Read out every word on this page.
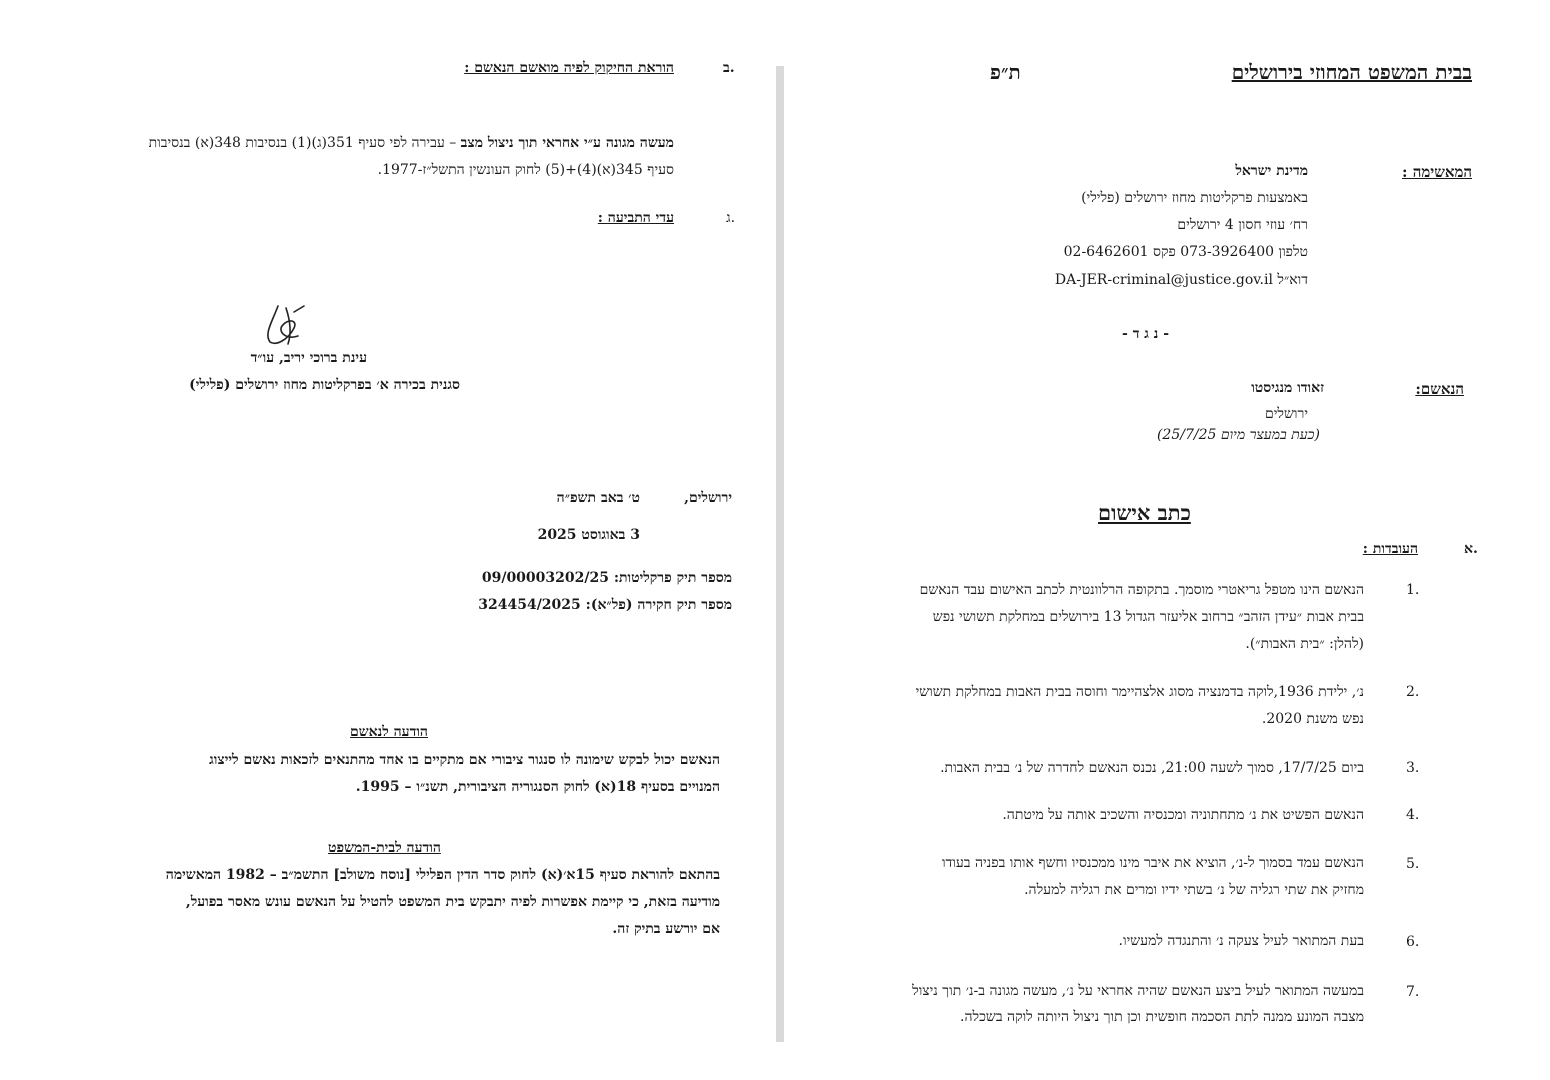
בבית המשפט המחוזי בירושלים
ת״פ
המאשימה :
מדינת ישראל
באמצעות פרקליטות מחוז ירושלים (פלילי)
רח׳ עוזי חסון 4 ירושלים
טלפון 073-3926400 פקס 02-6462601
דוא״ל DA-JER-criminal@justice.gov.il
- נ ג ד -
הנאשם:
זאודו מנגיסטו
ירושלים
(כעת במעצר מיום 25/7/25)
כתב אישום
א.
העובדות :
1.
הנאשם הינו מטפל גריאטרי מוסמך. בתקופה הרלוונטית לכתב האישום עבד הנאשם
בבית אבות ״עידן הזהב״ ברחוב אליעזר הגדול 13 בירושלים במחלקת תשושי נפש
(להלן: ״בית האבות״).
2.
נ׳, ילידת 1936,לוקה בדמנציה מסוג אלצהיימר וחוסה בבית האבות במחלקת תשושי
נפש משנת 2020.
3.
ביום 17/7/25, סמוך לשעה 21:00, נכנס הנאשם לחדרה של נ׳ בבית האבות.
4.
הנאשם הפשיט את נ׳ מתחתוניה ומכנסיה והשכיב אותה על מיטתה.
5.
הנאשם עמד בסמוך ל-נ׳, הוציא את איבר מינו ממכנסיו וחשף אותו בפניה בעודו
מחזיק את שתי רגליה של נ׳ בשתי ידיו ומרים את רגליה למעלה.
6.
בעת המתואר לעיל צעקה נ׳ והתנגדה למעשיו.
7.
במעשה המתואר לעיל ביצע הנאשם שהיה אחראי על נ׳, מעשה מגונה ב-נ׳ תוך ניצול
מצבה המונע ממנה לתת הסכמה חופשית וכן תוך ניצול היותה לוקה בשכלה.
ב.
הוראת החיקוק לפיה מואשם הנאשם :
מעשה מגונה ע״י אחראי תוך ניצול מצב – עבירה לפי סעיף 351(ג)(1) בנסיבות 348(א) בנסיבות
סעיף 345(א)(4)+(5) לחוק העונשין התשל״ז-1977.
ג.
עדי התביעה :
עינת ברוכי יריב, עו״ד
סגנית בכירה א׳ בפרקליטות מחוז ירושלים (פלילי)
ירושלים,
ט׳ באב תשפ״ה
3 באוגוסט 2025
מספר תיק פרקליטות: 09/00003202/25
מספר תיק חקירה (פל״א): 324454/2025
הודעה לנאשם
הנאשם יכול לבקש שימונה לו סנגור ציבורי אם מתקיים בו אחד מהתנאים לזכאות נאשם לייצוג
המנויים בסעיף 18(א) לחוק הסנגוריה הציבורית, תשנ״ו – 1995.
הודעה לבית-המשפט
בהתאם להוראת סעיף 15א׳(א) לחוק סדר הדין הפלילי [נוסח משולב] התשמ״ב – 1982 המאשימה
מודיעה בזאת, כי קיימת אפשרות לפיה יתבקש בית המשפט להטיל על הנאשם עונש מאסר בפועל,
אם יורשע בתיק זה.
